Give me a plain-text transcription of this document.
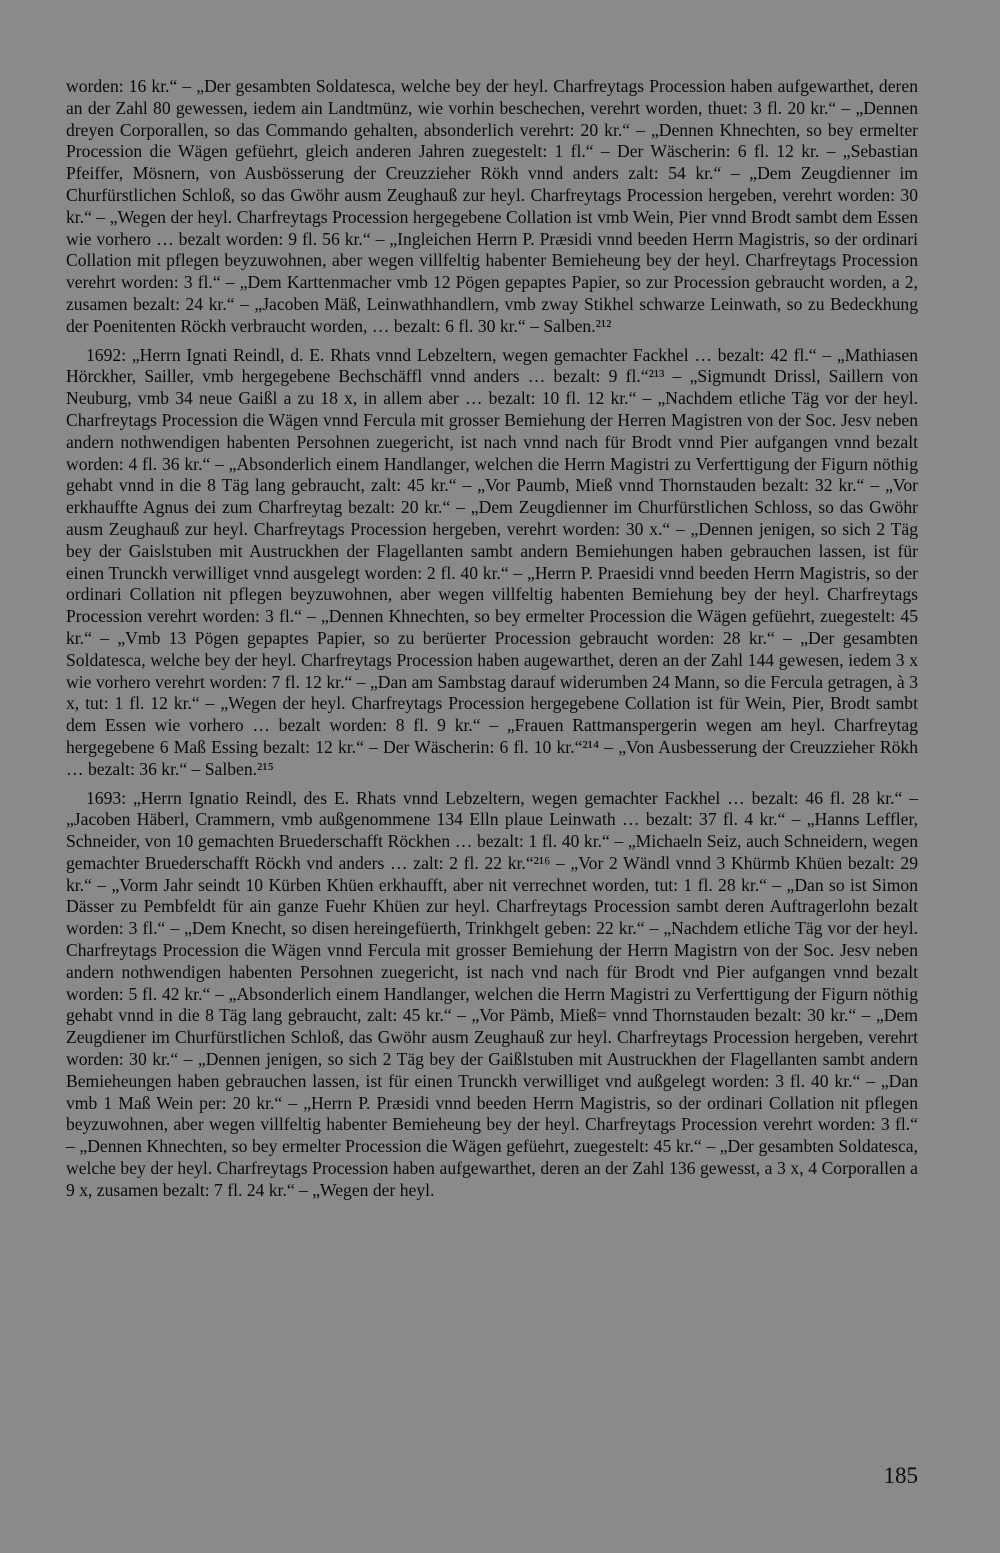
worden: 16 kr.“ – „Der gesambten Soldatesca, welche bey der heyl. Charfreytags Procession haben aufgewarthet, deren an der Zahl 80 gewessen, iedem ain Landtmünz, wie vorhin beschechen, verehrt worden, thuet: 3 fl. 20 kr.“ – „Dennen dreyen Corporallen, so das Commando gehalten, absonderlich verehrt: 20 kr.“ – „Dennen Khnechten, so bey ermelter Procession die Wägen gefüehrt, gleich anderen Jahren zuegestelt: 1 fl.“ – Der Wäscherin: 6 fl. 12 kr. – „Sebastian Pfeiffer, Mösnern, von Ausbösserung der Creuzzieher Rökh vnnd anders zalt: 54 kr.“ – „Dem Zeugdienner im Churfürstlichen Schloß, so das Gwöhr ausm Zeughauß zur heyl. Charfreytags Procession hergeben, verehrt worden: 30 kr.“ – „Wegen der heyl. Charfreytags Procession hergegebene Collation ist vmb Wein, Pier vnnd Brodt sambt dem Essen wie vorhero … bezalt worden: 9 fl. 56 kr.“ – „Ingleichen Herrn P. Præsidi vnnd beeden Herrn Magistris, so der ordinari Collation mit pflegen beyzuwohnen, aber wegen villfeltig habenter Bemieheung bey der heyl. Charfreytags Procession verehrt worden: 3 fl.“ – „Dem Karttenmacher vmb 12 Pögen gepaptes Papier, so zur Procession gebraucht worden, a 2, zusamen bezalt: 24 kr.“ – „Jacoben Mäß, Leinwathhandlern, vmb zway Stikhel schwarze Leinwath, so zu Bedeckhung der Poenitenten Röckh verbraucht worden, … bezalt: 6 fl. 30 kr.“ – Salben.²¹²

1692: „Herrn Ignati Reindl, d. E. Rhats vnnd Lebzeltern, wegen gemachter Fackhel … bezalt: 42 fl.“ – „Mathiasen Hörckher, Sailler, vmb hergegebene Bechschäffl vnnd anders … bezalt: 9 fl.“²¹³ – „Sigmundt Drissl, Saillern von Neuburg, vmb 34 neue Gaißl a zu 18 x, in allem aber … bezalt: 10 fl. 12 kr.“ – „Nachdem etliche Täg vor der heyl. Charfreytags Procession die Wägen vnnd Fercula mit grosser Bemiehung der Herren Magistren von der Soc. Jesv neben andern nothwendigen habenten Persohnen zuegericht, ist nach vnnd nach für Brodt vnnd Pier aufgangen vnnd bezalt worden: 4 fl. 36 kr.“ – „Absonderlich einem Handlanger, welchen die Herrn Magistri zu Verferttigung der Figurn nöthig gehabt vnnd in die 8 Täg lang gebraucht, zalt: 45 kr.“ – „Vor Paumb, Mieß vnnd Thornstauden bezalt: 32 kr.“ – „Vor erkhauffte Agnus dei zum Charfreytag bezalt: 20 kr.“ – „Dem Zeugdienner im Churfürstlichen Schloss, so das Gwöhr ausm Zeughauß zur heyl. Charfreytags Procession hergeben, verehrt worden: 30 x.“ – „Dennen jenigen, so sich 2 Täg bey der Gaislstuben mit Austruckhen der Flagellanten sambt andern Bemiehungen haben gebrauchen lassen, ist für einen Trunckh verwilliget vnnd ausgelegt worden: 2 fl. 40 kr.“ – „Herrn P. Praesidi vnnd beeden Herrn Magistris, so der ordinari Collation nit pflegen beyzuwohnen, aber wegen villfeltig habenten Bemiehung bey der heyl. Charfreytags Procession verehrt worden: 3 fl.“ – „Dennen Khnechten, so bey ermelter Procession die Wägen gefüehrt, zuegestelt: 45 kr.“ – „Vmb 13 Pögen gepaptes Papier, so zu berüerter Procession gebraucht worden: 28 kr.“ – „Der gesambten Soldatesca, welche bey der heyl. Charfreytags Procession haben augewarthet, deren an der Zahl 144 gewesen, iedem 3 x wie vorhero verehrt worden: 7 fl. 12 kr.“ – „Dan am Sambstag darauf widerumben 24 Mann, so die Fercula getragen, à 3 x, tut: 1 fl. 12 kr.“ – „Wegen der heyl. Charfreytags Procession hergegebene Collation ist für Wein, Pier, Brodt sambt dem Essen wie vorhero … bezalt worden: 8 fl. 9 kr.“ – „Frauen Rattmanspergerin wegen am heyl. Charfreytag hergegebene 6 Maß Essing bezalt: 12 kr.“ – Der Wäscherin: 6 fl. 10 kr.“²¹⁴ – „Von Ausbesserung der Creuzzieher Rökh … bezalt: 36 kr.“ – Salben.²¹⁵

1693: „Herrn Ignatio Reindl, des E. Rhats vnnd Lebzeltern, wegen gemachter Fackhel … bezalt: 46 fl. 28 kr.“ – „Jacoben Häberl, Crammern, vmb außgenommene 134 Elln plaue Leinwath … bezalt: 37 fl. 4 kr.“ – „Hanns Leffler, Schneider, von 10 gemachten Bruederschafft Röckhen … bezalt: 1 fl. 40 kr.“ – „Michaeln Seiz, auch Schneidern, wegen gemachter Bruederschafft Röckh vnd anders … zalt: 2 fl. 22 kr.“²¹⁶ – „Vor 2 Wändl vnnd 3 Khürmb Khüen bezalt: 29 kr.“ – „Vorm Jahr seindt 10 Kürben Khüen erkhaufft, aber nit verrechnet worden, tut: 1 fl. 28 kr.“ – „Dan so ist Simon Dässer zu Pembfeldt für ain ganze Fuehr Khüen zur heyl. Charfreytags Procession sambt deren Auftragerlohn bezalt worden: 3 fl.“ – „Dem Knecht, so disen hereingefüerth, Trinkhgelt geben: 22 kr.“ – „Nachdem etliche Täg vor der heyl. Charfreytags Procession die Wägen vnnd Fercula mit grosser Bemiehung der Herrn Magistrn von der Soc. Jesv neben andern nothwendigen habenten Persohnen zuegericht, ist nach vnd nach für Brodt vnd Pier aufgangen vnnd bezalt worden: 5 fl. 42 kr.“ – „Absonderlich einem Handlanger, welchen die Herrn Magistri zu Verferttigung der Figurn nöthig gehabt vnnd in die 8 Täg lang gebraucht, zalt: 45 kr.“ – „Vor Pämb, Mieß= vnnd Thornstauden bezalt: 30 kr.“ – „Dem Zeugdiener im Churfürstlichen Schloß, das Gwöhr ausm Zeughauß zur heyl. Charfreytags Procession hergeben, verehrt worden: 30 kr.“ – „Dennen jenigen, so sich 2 Täg bey der Gaißlstuben mit Austruckhen der Flagellanten sambt andern Bemieheungen haben gebrauchen lassen, ist für einen Trunckh verwilliget vnd außgelegt worden: 3 fl. 40 kr.“ – „Dan vmb 1 Maß Wein per: 20 kr.“ – „Herrn P. Præsidi vnnd beeden Herrn Magistris, so der ordinari Collation nit pflegen beyzuwohnen, aber wegen villfeltig habenter Bemieheung bey der heyl. Charfreytags Procession verehrt worden: 3 fl.“ – „Dennen Khnechten, so bey ermelter Procession die Wägen gefüehrt, zuegestelt: 45 kr.“ – „Der gesambten Soldatesca, welche bey der heyl. Charfreytags Procession haben aufgewarthet, deren an der Zahl 136 gewesst, a 3 x, 4 Corporallen a 9 x, zusamen bezalt: 7 fl. 24 kr.“ – „Wegen der heyl.

185
